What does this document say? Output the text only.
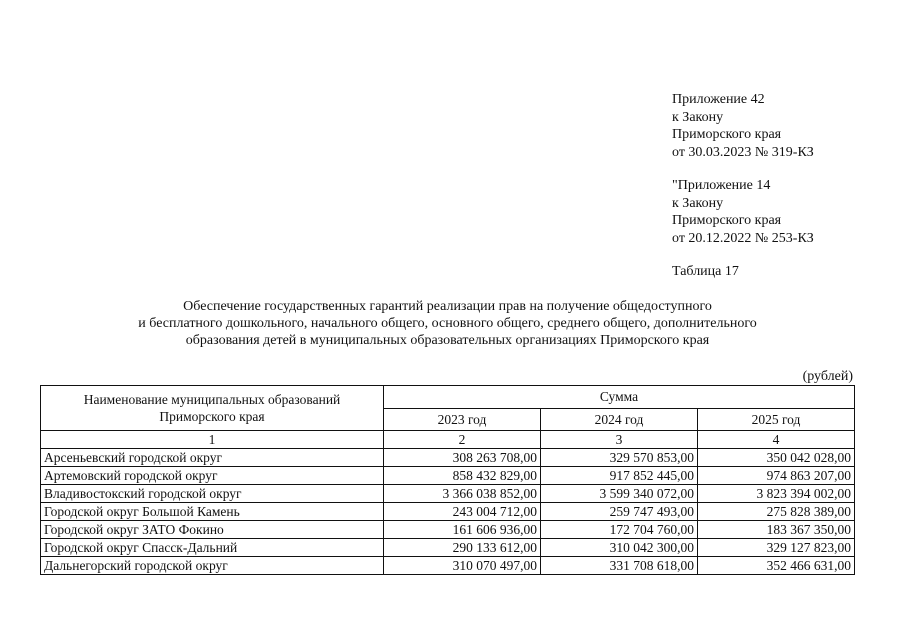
Приложение 42
к Закону
Приморского края
от 30.03.2023 № 319-КЗ
"Приложение 14
к Закону
Приморского края
от 20.12.2022 № 253-КЗ
Таблица 17
Обеспечение государственных гарантий реализации прав на получение общедоступного
и бесплатного дошкольного, начального общего, основного общего, среднего общего, дополнительного
образования детей в муниципальных образовательных организациях Приморского края
(рублей)
Наименование муниципальных образований Приморского края	Сумма		
	2023 год	2024 год	2025 год
1	2	3	4
Арсеньевский городской округ	308 263 708,00	329 570 853,00	350 042 028,00
Артемовский городской округ	858 432 829,00	917 852 445,00	974 863 207,00
Владивостокский городской округ	3 366 038 852,00	3 599 340 072,00	3 823 394 002,00
Городской округ Большой Камень	243 004 712,00	259 747 493,00	275 828 389,00
Городской округ ЗАТО Фокино	161 606 936,00	172 704 760,00	183 367 350,00
Городской округ Спасск-Дальний	290 133 612,00	310 042 300,00	329 127 823,00
Дальнегорский городской округ	310 070 497,00	331 708 618,00	352 466 631,00
